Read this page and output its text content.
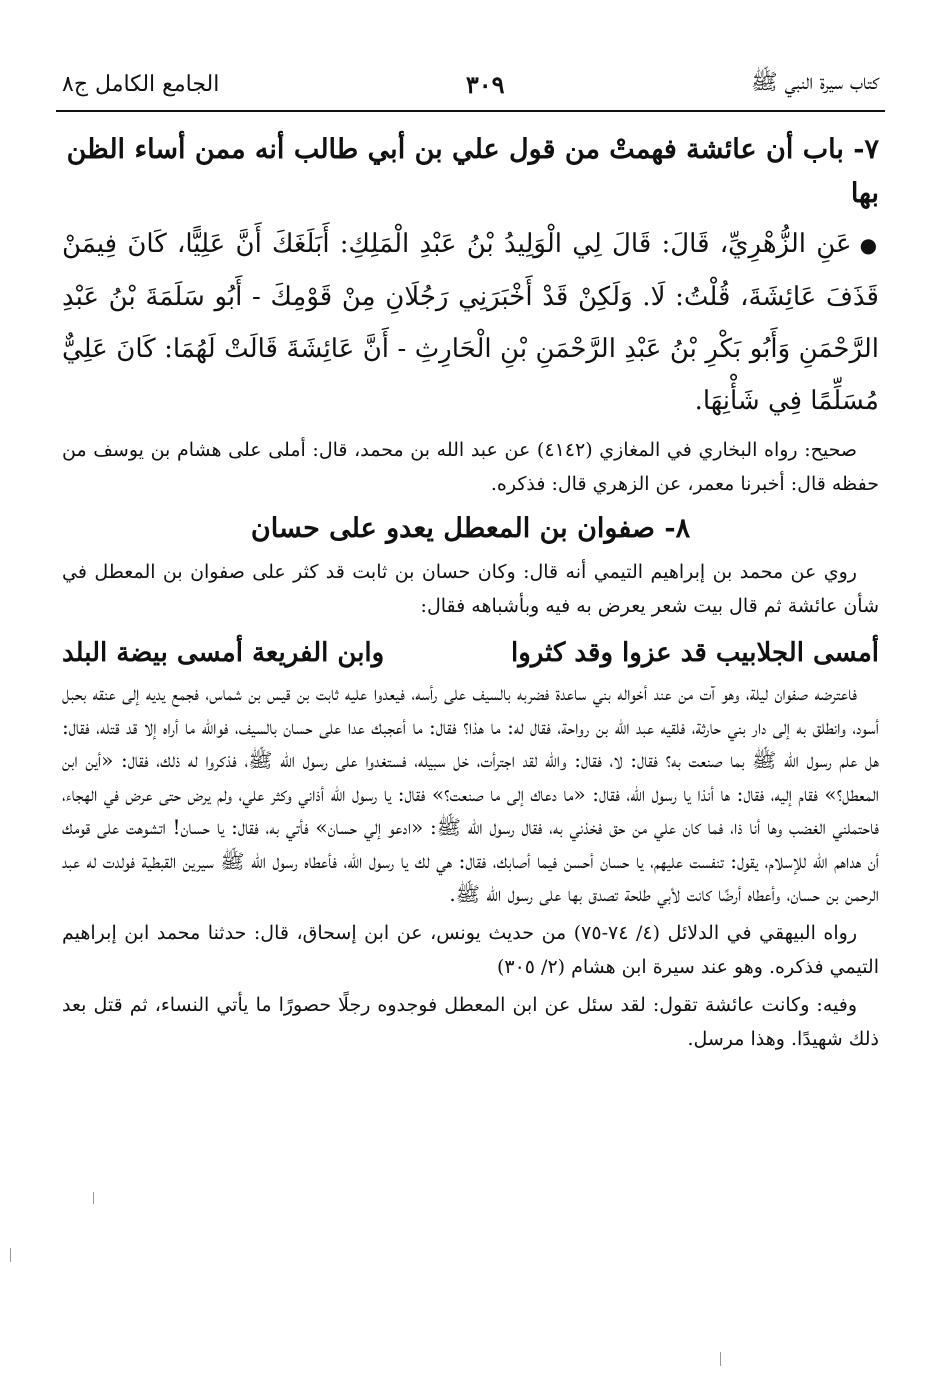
كتاب سيرة النبي ﷺ
٣٠٩
الجامع الكامل ج٨
٧- باب أن عائشة فهمتْ من قول علي بن أبي طالب أنه ممن أساء الظن بها

●عَنِ الزُّهْرِيِّ، قَالَ: قَالَ لِي الْوَلِيدُ بْنُ عَبْدِ الْمَلِكِ: أَبَلَغَكَ أَنَّ عَلِيًّا، كَانَ فِيمَنْ قَذَفَ عَائِشَةَ، قُلْتُ: لَا. وَلَكِنْ قَدْ أَخْبَرَنِي رَجُلَانِ مِنْ قَوْمِكَ - أَبُو سَلَمَةَ بْنُ عَبْدِ الرَّحْمَنِ وَأَبُو بَكْرِ بْنُ عَبْدِ الرَّحْمَنِ بْنِ الْحَارِثِ - أَنَّ عَائِشَةَ قَالَتْ لَهُمَا: كَانَ عَلِيٌّ مُسَلِّمًا فِي شَأْنِهَا.

صحيح: رواه البخاري في المغازي (٤١٤٢) عن عبد الله بن محمد، قال: أملى على هشام بن يوسف من حفظه قال: أخبرنا معمر، عن الزهري قال: فذكره.

٨- صفوان بن المعطل يعدو على حسان

روي عن محمد بن إبراهيم التيمي أنه قال: وكان حسان بن ثابت قد كثر على صفوان بن المعطل في شأن عائشة ثم قال بيت شعر يعرض به فيه وبأشباهه فقال:

أمسى الجلابيب قد عزوا وقد كثروا
وابن الفريعة أمسى بيضة البلد

فاعترضه صفوان ليلة، وهو آت من عند أخواله بني ساعدة فضربه بالسيف على رأسه، فيعدوا عليه ثابت بن قيس بن شماس، فجمع يديه إلى عنقه بحبل أسود، وانطلق به إلى دار بني حارثة، فلقيه عبد الله بن رواحة، فقال له: ما هذا؟ فقال: ما أعجبك عدا على حسان بالسيف، فوالله ما أراه إلا قد قتله، فقال: هل علم رسول الله ﷺ بما صنعت به؟ فقال: لا، فقال: والله لقد اجترأت، خل سبيله، فستغدوا على رسول الله ﷺ، فذكروا له ذلك، فقال: «أين ابن المعطل؟» فقام إليه، فقال: ها أنذا يا رسول الله، فقال: «ما دعاك إلى ما صنعت؟» فقال: يا رسول الله أذاني وكثر علي، ولم يرض حتى عرض في الهجاء، فاحتملني الغضب وها أنا ذا، فما كان علي من حق فخذني به، فقال رسول الله ﷺ: «ادعو إلي حسان» فأتي به، فقال: يا حسان! اتشوهت على قومك أن هداهم الله للإسلام، يقول: تنفست عليهم، يا حسان أحسن فيما أصابك، فقال: هي لك يا رسول الله، فأعطاه رسول الله ﷺ سيرين القبطية فولدت له عبد الرحمن بن حسان، وأعطاه أرضًا كانت لأبي طلحة تصدق بها على رسول الله ﷺ.

رواه البيهقي في الدلائل (٤/ ٧٤-٧٥) من حديث يونس، عن ابن إسحاق، قال: حدثنا محمد ابن إبراهيم التيمي فذكره. وهو عند سيرة ابن هشام (٢/ ٣٠٥)

وفيه: وكانت عائشة تقول: لقد سئل عن ابن المعطل فوجدوه رجلًا حصورًا ما يأتي النساء، ثم قتل بعد ذلك شهيدًا. وهذا مرسل.
